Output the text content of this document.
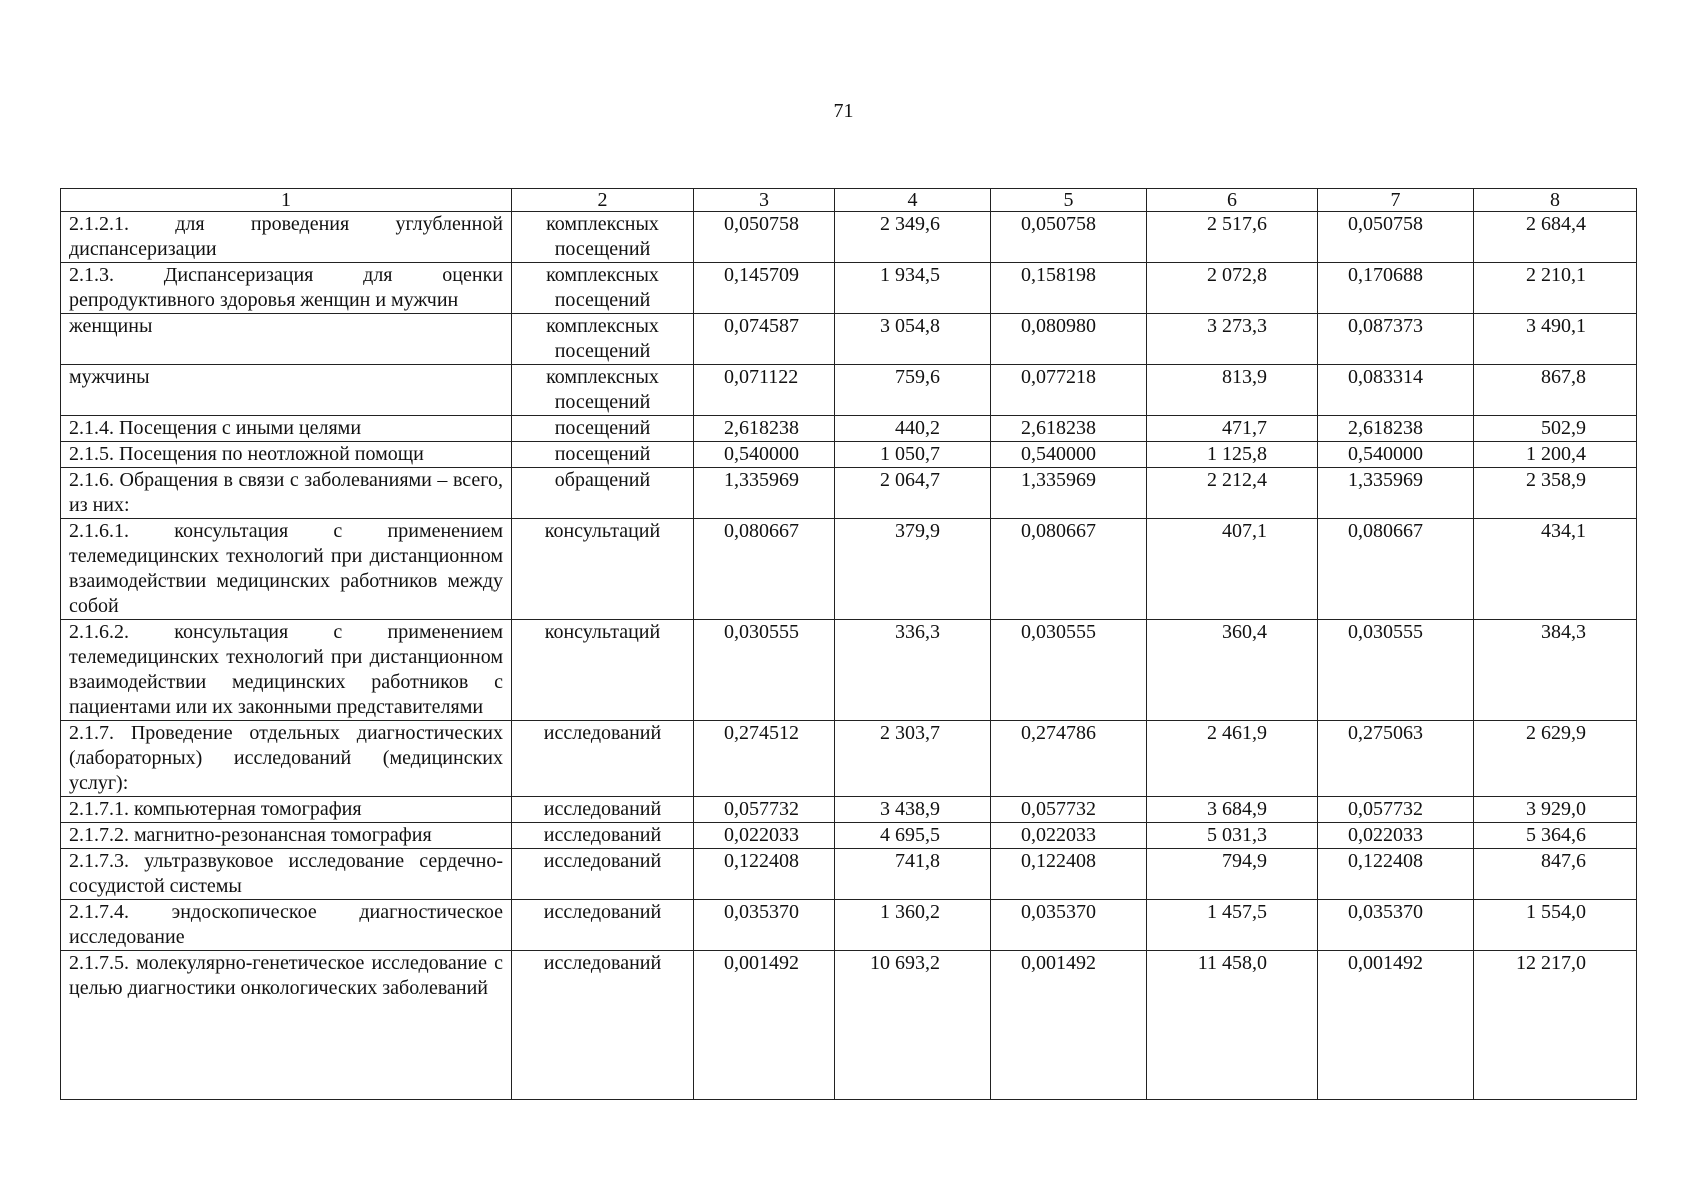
71
1	2	3	4	5	6	7	8
2.1.2.1. для проведения углубленной диспансеризации	комплексных посещений	0,050758	2 349,6	0,050758	2 517,6	0,050758	2 684,4
2.1.3. Диспансеризация для оценки репродуктивного здоровья женщин и мужчин	комплексных посещений	0,145709	1 934,5	0,158198	2 072,8	0,170688	2 210,1
женщины	комплексных посещений	0,074587	3 054,8	0,080980	3 273,3	0,087373	3 490,1
мужчины	комплексных посещений	0,071122	759,6	0,077218	813,9	0,083314	867,8
2.1.4. Посещения с иными целями	посещений	2,618238	440,2	2,618238	471,7	2,618238	502,9
2.1.5. Посещения по неотложной помощи	посещений	0,540000	1 050,7	0,540000	1 125,8	0,540000	1 200,4
2.1.6. Обращения в связи с заболеваниями – всего, из них:	обращений	1,335969	2 064,7	1,335969	2 212,4	1,335969	2 358,9
2.1.6.1. консультация с применением телемедицинских технологий при дистанционном взаимодействии медицинских работников между собой	консультаций	0,080667	379,9	0,080667	407,1	0,080667	434,1
2.1.6.2. консультация с применением телемедицинских технологий при дистанционном взаимодействии медицинских работников с пациентами или их законными представителями	консультаций	0,030555	336,3	0,030555	360,4	0,030555	384,3
2.1.7. Проведение отдельных диагностических (лабораторных) исследований (медицинских услуг):	исследований	0,274512	2 303,7	0,274786	2 461,9	0,275063	2 629,9
2.1.7.1. компьютерная томография	исследований	0,057732	3 438,9	0,057732	3 684,9	0,057732	3 929,0
2.1.7.2. магнитно-резонансная томография	исследований	0,022033	4 695,5	0,022033	5 031,3	0,022033	5 364,6
2.1.7.3. ультразвуковое исследование сердечно-сосудистой системы	исследований	0,122408	741,8	0,122408	794,9	0,122408	847,6
2.1.7.4. эндоскопическое диагностическое исследование	исследований	0,035370	1 360,2	0,035370	1 457,5	0,035370	1 554,0
2.1.7.5. молекулярно-генетическое исследование с целью диагностики онкологических заболеваний	исследований	0,001492	10 693,2	0,001492	11 458,0	0,001492	12 217,0
